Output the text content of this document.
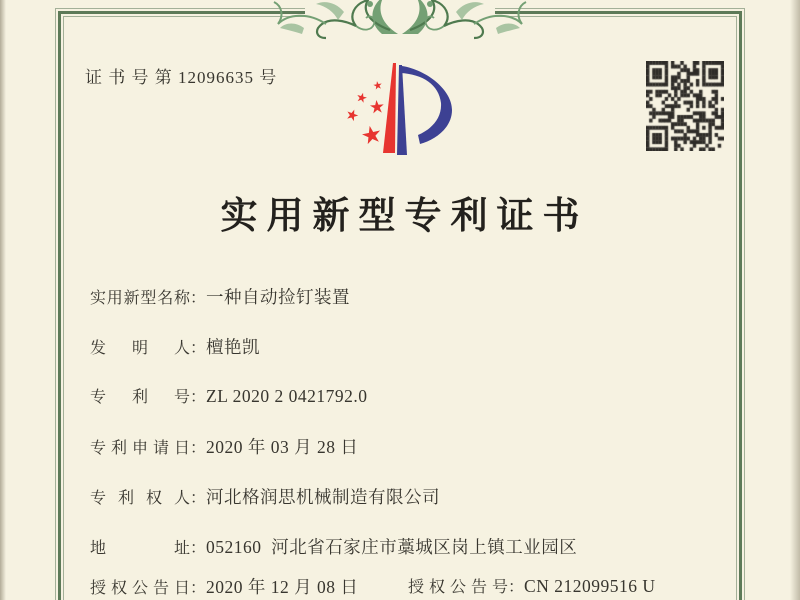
证 书 号 第 12096635 号	★
★
★
★
★
实用新型专利证书
实用新型名称：一种自动捡钉装置
发明人：檀艳凯
专利号：ZL 2020 2 0421792.0
专利申请日：2020 年 03 月 28 日
专利权人：河北格润思机械制造有限公司
地址：052160  河北省石家庄市藁城区岗上镇工业园区
授权公告日：2020 年 12 月 08 日	授权公告号：CN 212099516 U
